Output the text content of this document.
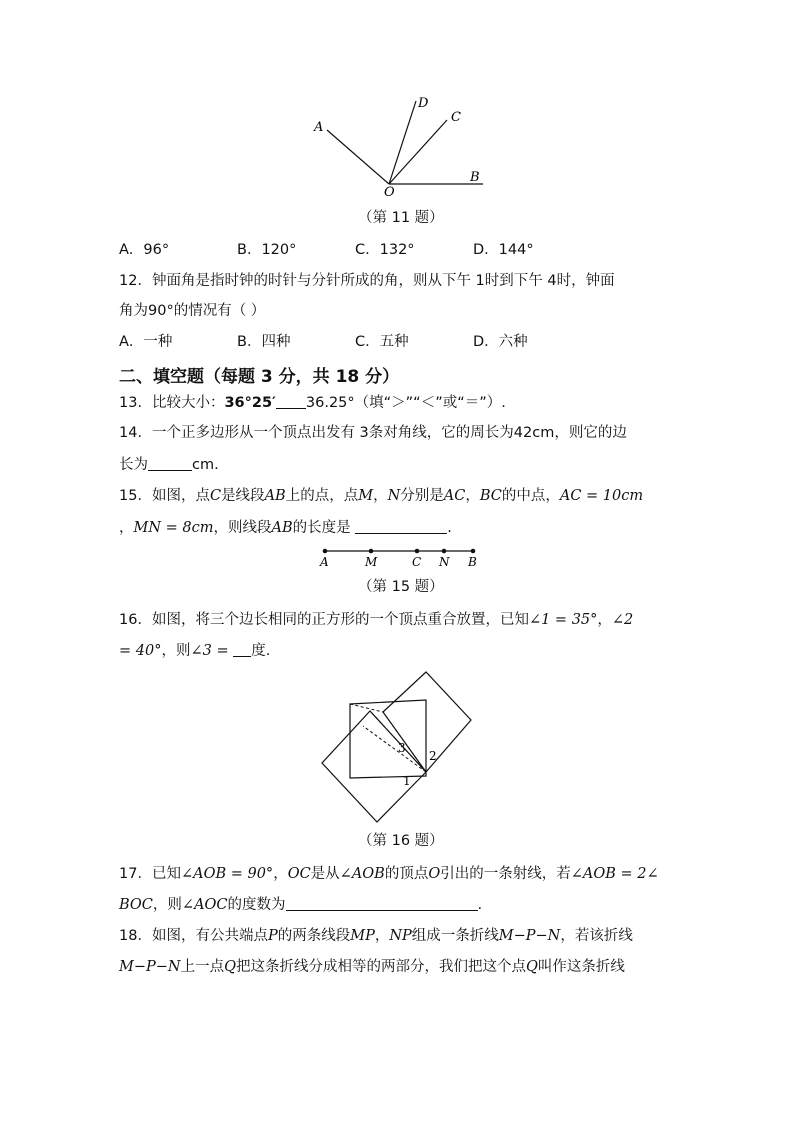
A
D
C
B
O
（第 11 题）
A．96°	B．120°	C．132°	D．144°
12．钟面角是指时钟的时针与分针所成的角，则从下午 1时到下午 4时，钟面
角为90°的情况有（ ）
A．一种	B．四种	C．五种	D．六种
二、填空题（每题 3 分，共 18 分）
13．比较大小：36°25′ 36.25°（填“＞”“＜”或“＝”）.
14．一个正多边形从一个顶点出发有 3条对角线，它的周长为42cm，则它的边
长为	cm.
15．如图，点C是线段AB上的点，点M，N分别是AC，BC的中点，AC = 10cm
，MN = 8cm，则线段AB的长度是	.
A	M	C N B
（第 15 题）
16．如图，将三个边长相同的正方形的一个顶点重合放置，已知∠1 = 35°，∠2
= 40°，则∠3 = 度.
1
2
3
（第 16 题）
17．已知∠AOB = 90°，OC是从∠AOB的顶点O引出的一条射线，若∠AOB = 2∠
BOC，则∠AOC的度数为	.
18．如图，有公共端点P的两条线段MP，NP组成一条折线M−P−N，若该折线
M−P−N上一点Q把这条折线分成相等的两部分，我们把这个点Q叫作这条折线
